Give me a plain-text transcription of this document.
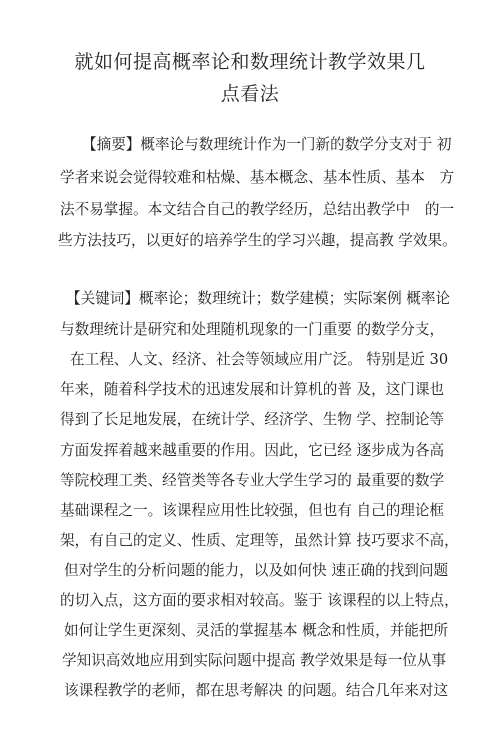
就如何提高概率论和数理统计教学效果几
点看法
【摘要】概率论与数理统计作为一门新的数学分支对于 初
学者来说会觉得较难和枯燥、基本概念、基本性质、基本　方
法不易掌握。本文结合自己的教学经历，总结出教学中　的一
些方法技巧，以更好的培养学生的学习兴趣，提高教 学效果。
【关键词】概率论；数理统计；数学建模；实际案例 概率论
与数理统计是研究和处理随机现象的一门重要 的数学分支，
在工程、人文、经济、社会等领域应用广泛。 特别是近 30
年来，随着科学技术的迅速发展和计算机的普 及，这门课也
得到了长足地发展，在统计学、经济学、生物 学、控制论等
方面发挥着越来越重要的作用。因此，它已经 逐步成为各高
等院校理工类、经管类等各专业大学生学习的 最重要的数学
基础课程之一。该课程应用性比较强，但也有 自己的理论框
架，有自己的定义、性质、定理等，虽然计算 技巧要求不高，
但对学生的分析问题的能力，以及如何快 速正确的找到问题
的切入点，这方面的要求相对较高。鉴于 该课程的以上特点，
如何让学生更深刻、灵活的掌握基本 概念和性质，并能把所
学知识高效地应用到实际问题中提高 教学效果是每一位从事
该课程教学的老师，都在思考解决 的问题。结合几年来对这
